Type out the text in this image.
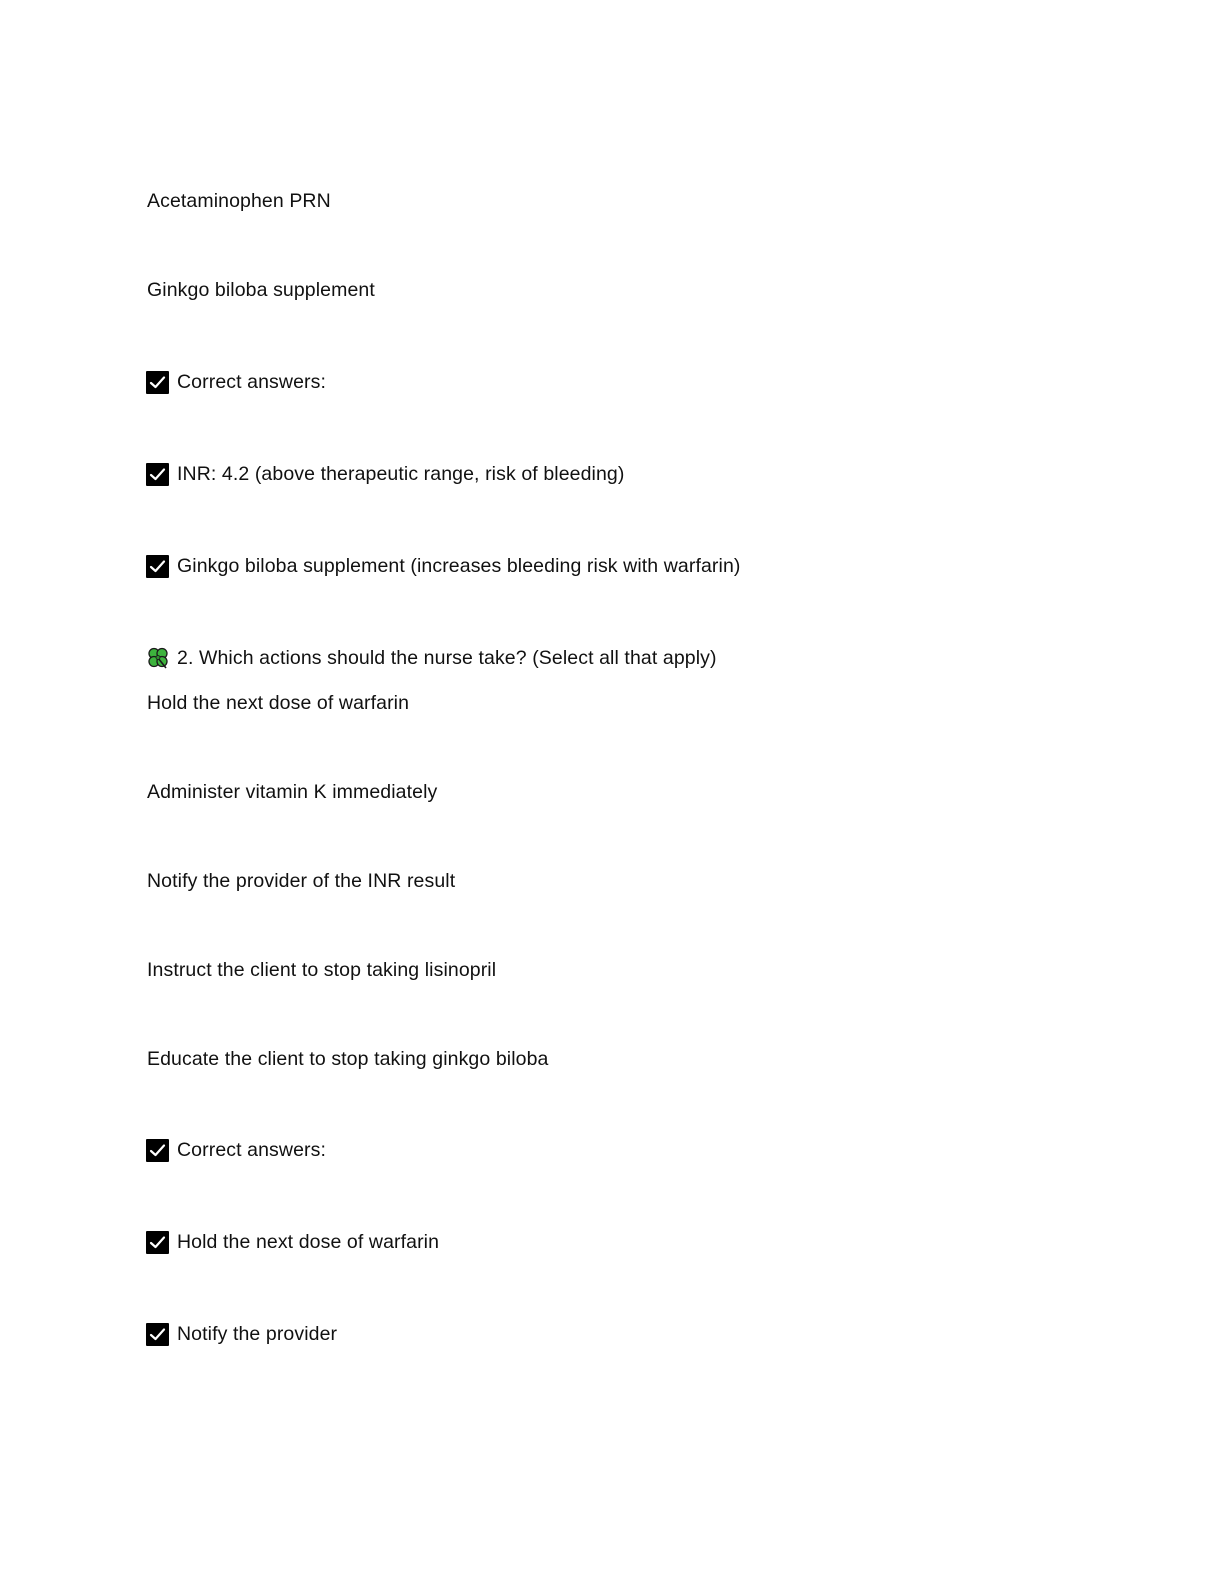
Acetaminophen PRN
Ginkgo biloba supplement
Correct answers:
INR: 4.2 (above therapeutic range, risk of bleeding)
Ginkgo biloba supplement (increases bleeding risk with warfarin)
2. Which actions should the nurse take? (Select all that apply)
Hold the next dose of warfarin
Administer vitamin K immediately
Notify the provider of the INR result
Instruct the client to stop taking lisinopril
Educate the client to stop taking ginkgo biloba
Correct answers:
Hold the next dose of warfarin
Notify the provider
